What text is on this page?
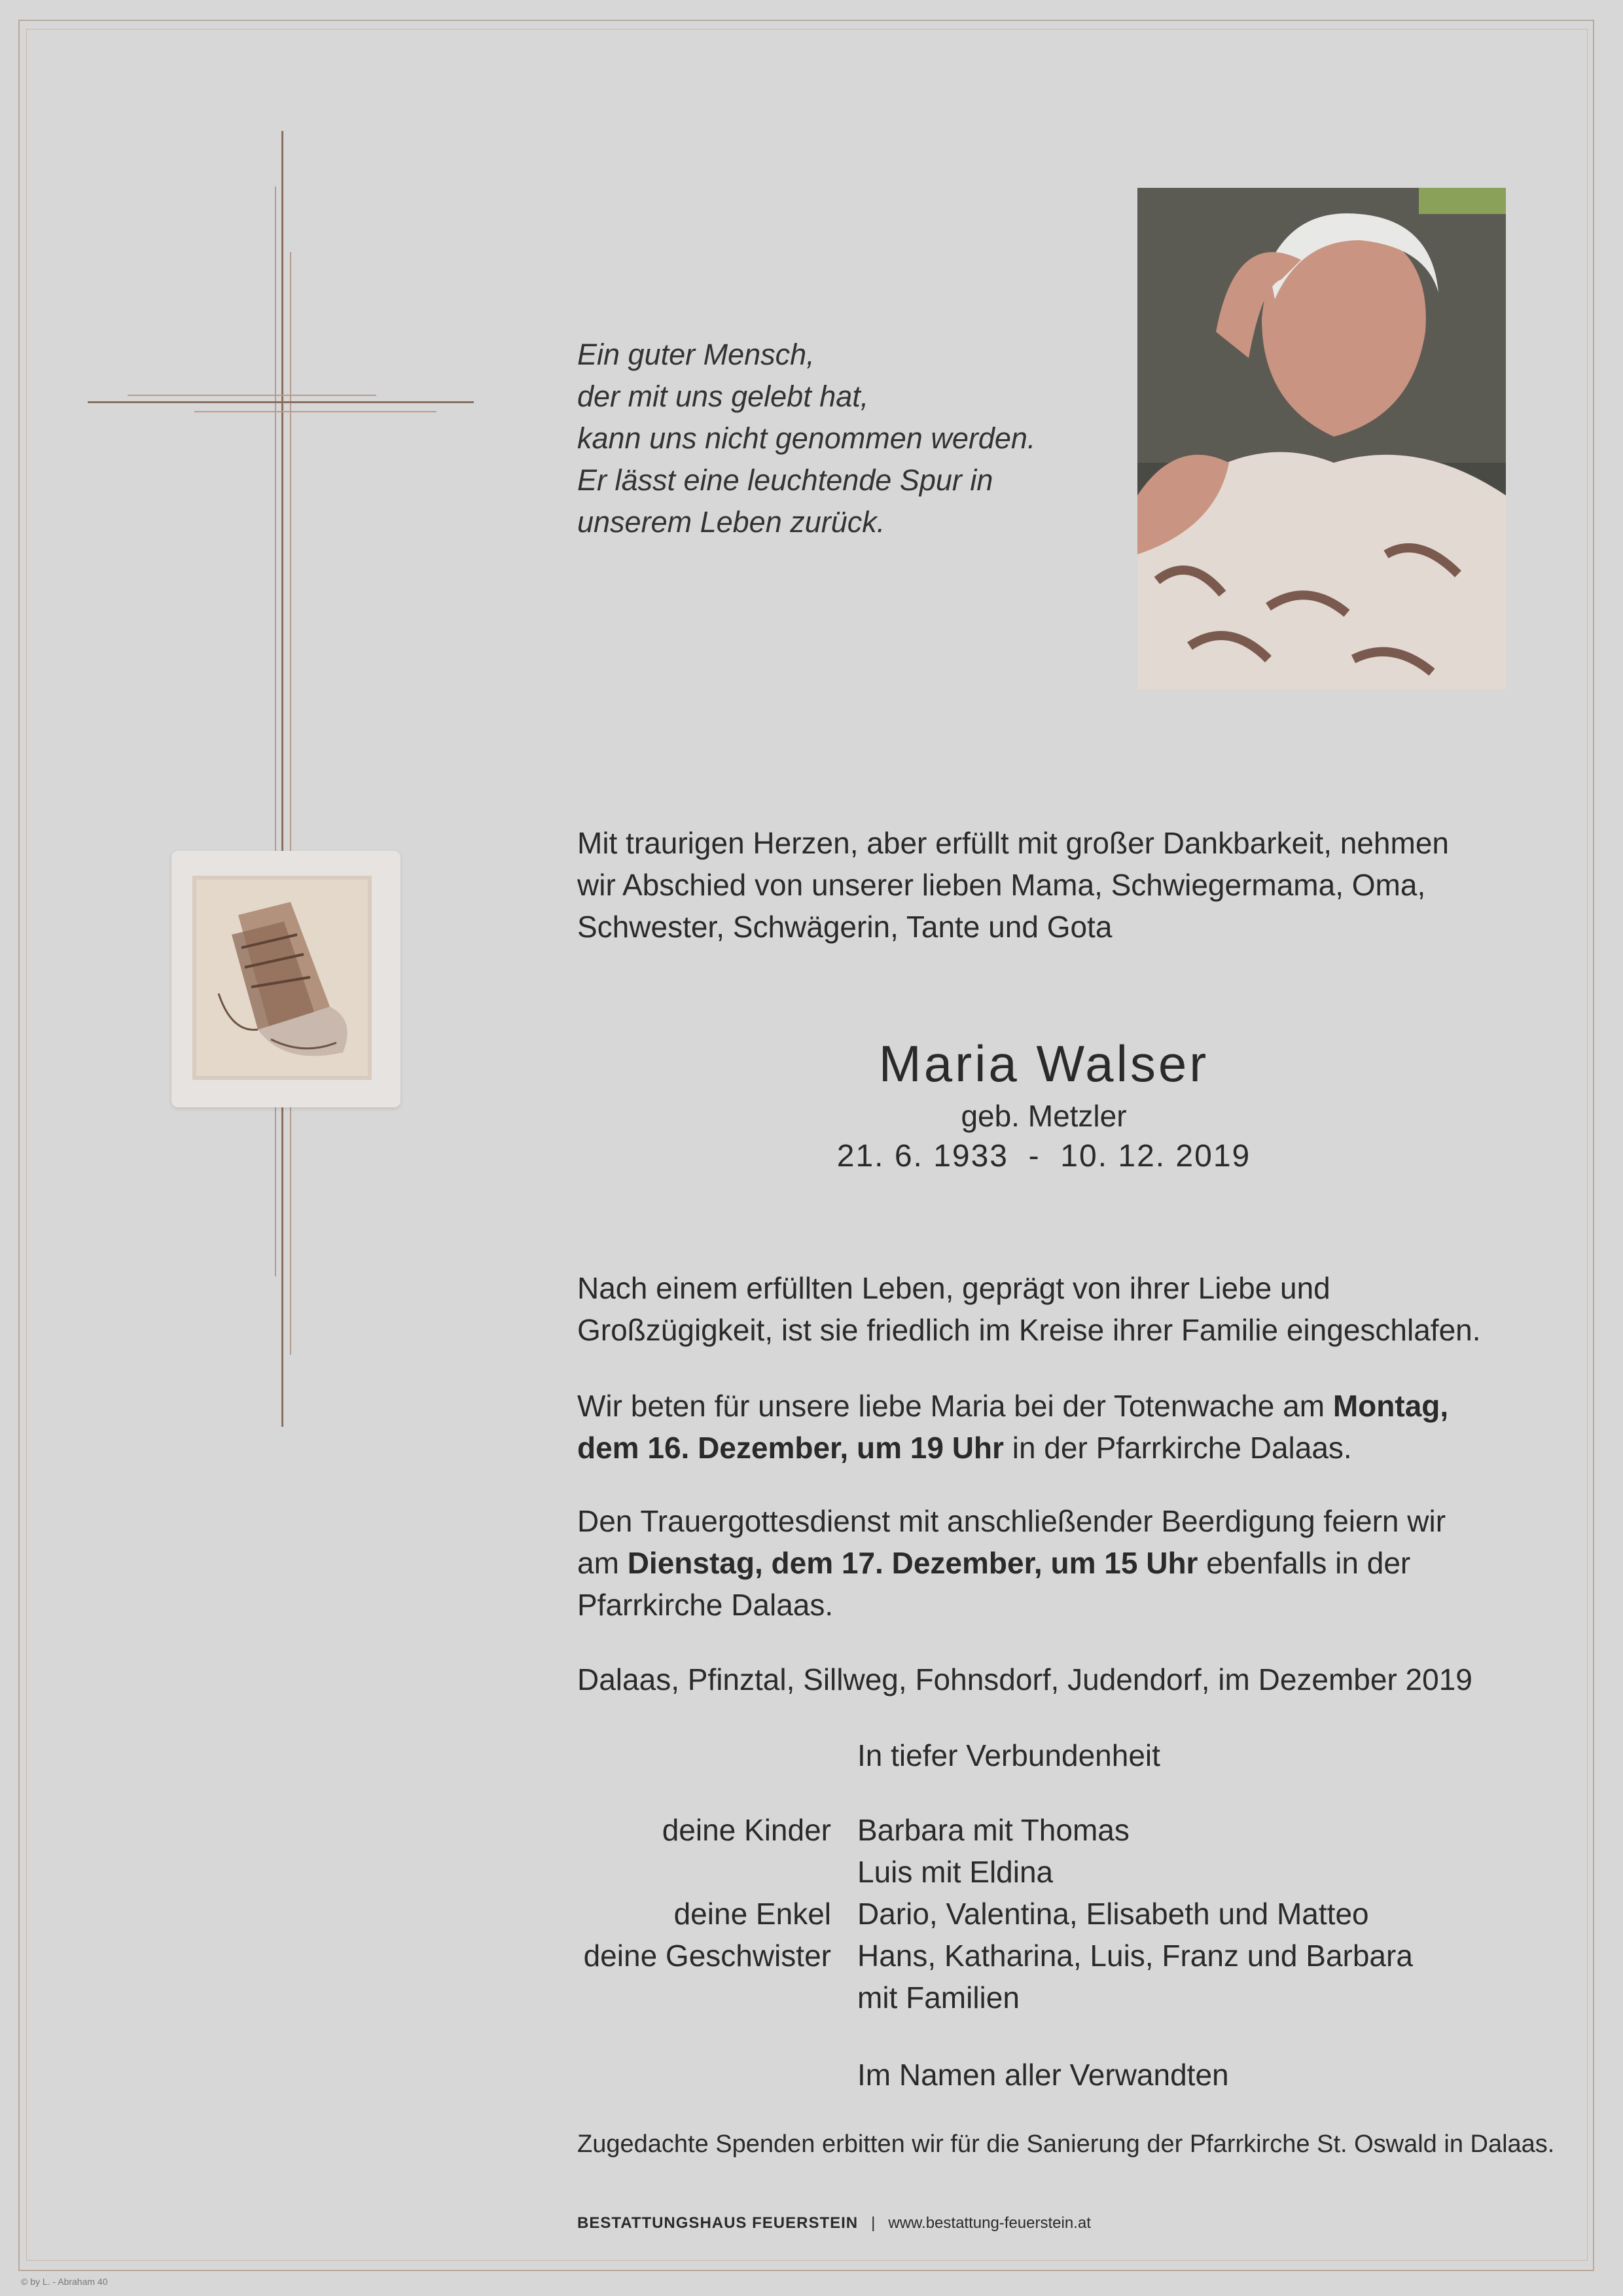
Ein guter Mensch,
der mit uns gelebt hat,
kann uns nicht genommen werden.
Er lässt eine leuchtende Spur in
unserem Leben zurück.
Mit traurigen Herzen, aber erfüllt mit großer Dankbarkeit, nehmen
wir Abschied von unserer lieben Mama, Schwiegermama, Oma,
Schwester, Schwägerin, Tante und Gota
Maria Walser
geb. Metzler
21. 6. 1933  -  10. 12. 2019
Nach einem erfüllten Leben, geprägt von ihrer Liebe und
Großzügigkeit, ist sie friedlich im Kreise ihrer Familie eingeschlafen.
Wir beten für unsere liebe Maria bei der Totenwache am Montag,
dem 16. Dezember, um 19 Uhr in der Pfarrkirche Dalaas.
Den Trauergottesdienst mit anschließender Beerdigung feiern wir
am Dienstag, dem 17. Dezember, um 15 Uhr ebenfalls in der
Pfarrkirche Dalaas.
Dalaas, Pfinztal, Sillweg, Fohnsdorf, Judendorf, im Dezember 2019
In tiefer Verbundenheit
deine Kinder Barbara mit Thomas
Luis mit Eldina
deine Enkel Dario, Valentina, Elisabeth und Matteo
deine Geschwister Hans, Katharina, Luis, Franz und Barbara
mit Familien
Im Namen aller Verwandten
Zugedachte Spenden erbitten wir für die Sanierung der Pfarrkirche St. Oswald in Dalaas.
BESTATTUNGSHAUS FEUERSTEIN | www.bestattung-feuerstein.at
© by L. - Abraham 40
